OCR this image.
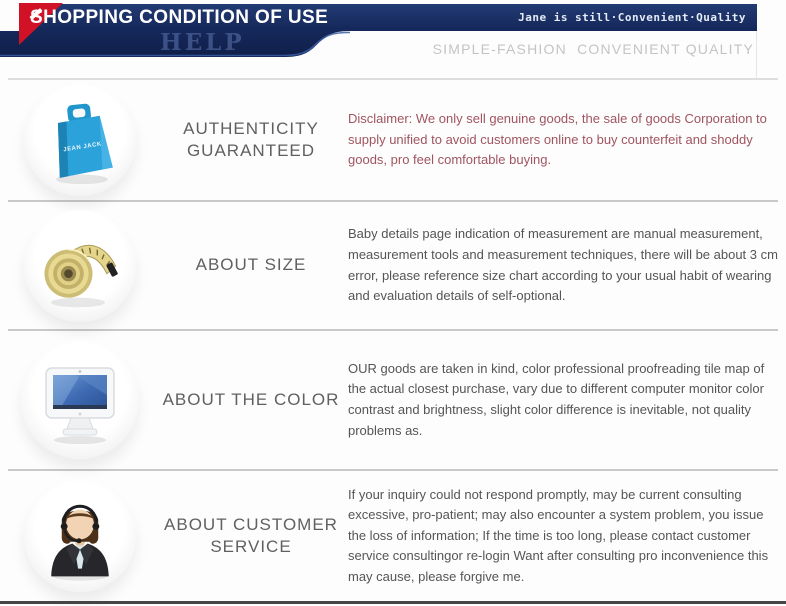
HELP
SHOPPING CONDITION OF USE	Jane is still·Convenient·Quality
SIMPLE-FASHION  CONVENIENT QUALITY
JEAN JACK
AUTHENTICITY GUARANTEED

Disclaimer: We only sell genuine goods, the sale of goods Corporation to supply unified to avoid customers online to buy counterfeit and shoddy goods, pro feel comfortable buying.

ABOUT SIZE

Baby details page indication of measurement are manual measurement, measurement tools and measurement techniques, there will be about 3 cm error, please reference size chart according to your usual habit of wearing and evaluation details of self-optional.

ABOUT THE COLOR

OUR goods are taken in kind, color professional proofreading tile map of the actual closest purchase, vary due to different computer monitor color contrast and brightness, slight color difference is inevitable, not quality problems as.

ABOUT CUSTOMER SERVICE

If your inquiry could not respond promptly, may be current consulting excessive, pro-patient; may also encounter a system problem, you issue the loss of information; If the time is too long, please contact customer service consultingor re-login Want after consulting pro inconvenience this may cause, please forgive me.
